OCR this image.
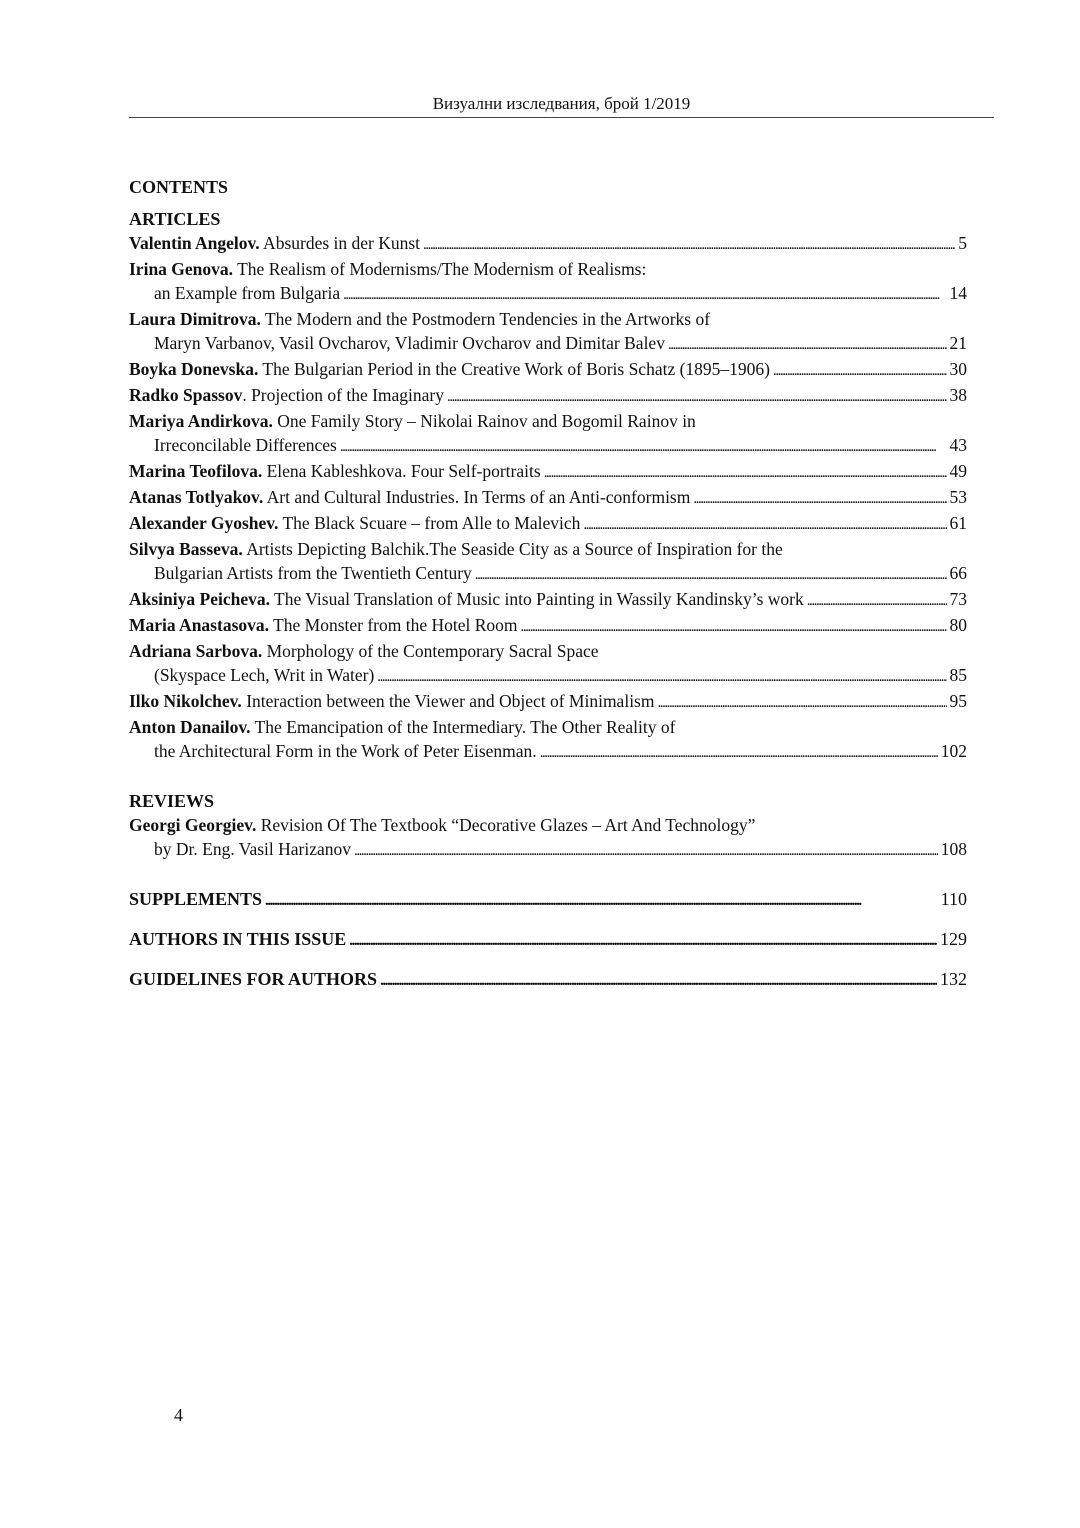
Визуални изследвания, брой 1/2019
CONTENTS
ARTICLES
Valentin Angelov. Absurdes in der Kunst . . .	5
Irina Genova. The Realism of Modernisms/The Modernism of Realisms:
an Example from Bulgaria . . .	14
Laura Dimitrova. The Modern and the Postmodern Tendencies in the Artworks of
Maryn Varbanov, Vasil Ovcharov, Vladimir Ovcharov and Dimitar Balev . . .	21
Boyka Donevska. The Bulgarian Period in the Creative Work of Boris Schatz (1895–1906) . . .	30
Radko Spassov. Projection of the Imaginary . . .	38
Mariya Andirkova. One Family Story – Nikolai Rainov and Bogomil Rainov in
Irreconcilable Differences . . .	43
Marina Teofilova. Elena Kableshkova. Four Self-portraits . . .	49
Atanas Totlyakov. Art and Cultural Industries. In Terms of an Anti-conformism . . .	53
Alexander Gyoshev. The Black Scuare – from Alle to Malevich . . .	61
Silvya Basseva. Artists Depicting Balchik.The Seaside City as a Source of Inspiration for the
Bulgarian Artists from the Twentieth Century . . .	66
Aksiniya Peicheva. The Visual Translation of Music into Painting in Wassily Kandinsky’s work . . .	73
Maria Anastasova. The Monster from the Hotel Room . . .	80
Adriana Sarbova. Morphology of the Contemporary Sacral Space
(Skyspace Lech, Writ in Water) . . .	85
Ilko Nikolchev. Interaction between the Viewer and Object of Minimalism . . .	95
Anton Danailov. The Emancipation of the Intermediary. The Other Reality of
the Architectural Form in the Work of Peter Eisenman. . . .	102
REVIEWS
Georgi Georgiev. Revision Of The Textbook “Decorative Glazes – Art And Technology”
by Dr. Eng. Vasil Harizanov . . .	108
SUPPLEMENTS . . .	110
AUTHORS IN THIS ISSUE . . .	129
GUIDELINES FOR AUTHORS . . .	132
4
